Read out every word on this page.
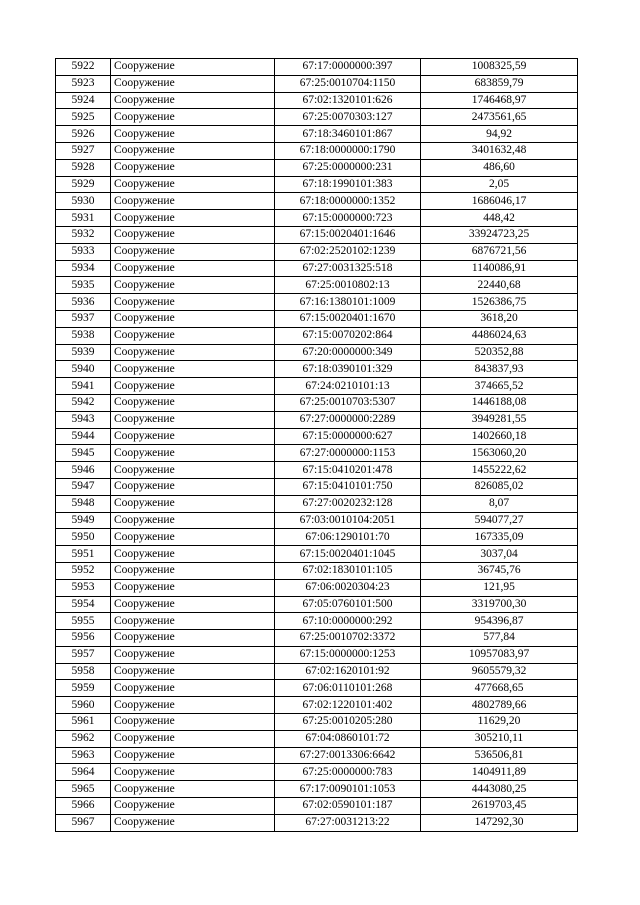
5922	Сооружение	67:17:0000000:397	1008325,59
5923	Сооружение	67:25:0010704:1150	683859,79
5924	Сооружение	67:02:1320101:626	1746468,97
5925	Сооружение	67:25:0070303:127	2473561,65
5926	Сооружение	67:18:3460101:867	94,92
5927	Сооружение	67:18:0000000:1790	3401632,48
5928	Сооружение	67:25:0000000:231	486,60
5929	Сооружение	67:18:1990101:383	2,05
5930	Сооружение	67:18:0000000:1352	1686046,17
5931	Сооружение	67:15:0000000:723	448,42
5932	Сооружение	67:15:0020401:1646	33924723,25
5933	Сооружение	67:02:2520102:1239	6876721,56
5934	Сооружение	67:27:0031325:518	1140086,91
5935	Сооружение	67:25:0010802:13	22440,68
5936	Сооружение	67:16:1380101:1009	1526386,75
5937	Сооружение	67:15:0020401:1670	3618,20
5938	Сооружение	67:15:0070202:864	4486024,63
5939	Сооружение	67:20:0000000:349	520352,88
5940	Сооружение	67:18:0390101:329	843837,93
5941	Сооружение	67:24:0210101:13	374665,52
5942	Сооружение	67:25:0010703:5307	1446188,08
5943	Сооружение	67:27:0000000:2289	3949281,55
5944	Сооружение	67:15:0000000:627	1402660,18
5945	Сооружение	67:27:0000000:1153	1563060,20
5946	Сооружение	67:15:0410201:478	1455222,62
5947	Сооружение	67:15:0410101:750	826085,02
5948	Сооружение	67:27:0020232:128	8,07
5949	Сооружение	67:03:0010104:2051	594077,27
5950	Сооружение	67:06:1290101:70	167335,09
5951	Сооружение	67:15:0020401:1045	3037,04
5952	Сооружение	67:02:1830101:105	36745,76
5953	Сооружение	67:06:0020304:23	121,95
5954	Сооружение	67:05:0760101:500	3319700,30
5955	Сооружение	67:10:0000000:292	954396,87
5956	Сооружение	67:25:0010702:3372	577,84
5957	Сооружение	67:15:0000000:1253	10957083,97
5958	Сооружение	67:02:1620101:92	9605579,32
5959	Сооружение	67:06:0110101:268	477668,65
5960	Сооружение	67:02:1220101:402	4802789,66
5961	Сооружение	67:25:0010205:280	11629,20
5962	Сооружение	67:04:0860101:72	305210,11
5963	Сооружение	67:27:0013306:6642	536506,81
5964	Сооружение	67:25:0000000:783	1404911,89
5965	Сооружение	67:17:0090101:1053	4443080,25
5966	Сооружение	67:02:0590101:187	2619703,45
5967	Сооружение	67:27:0031213:22	147292,30
